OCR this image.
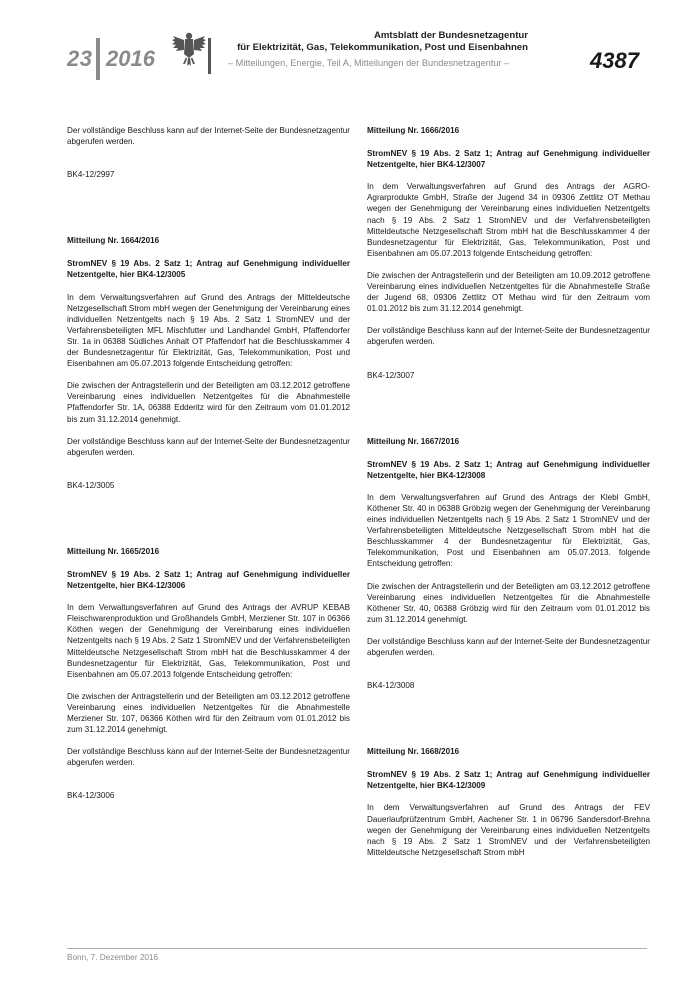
23 2016
Amtsblatt der Bundesnetzagentur
für Elektrizität, Gas, Telekommunikation, Post und Eisenbahnen
– Mitteilungen, Energie, Teil A, Mitteilungen der Bundesnetzagentur –	4387

Der vollständige Beschluss kann auf der Internet-Seite der Bundesnetzagentur abgerufen werden.

BK4-12/2997

Mitteilung Nr. 1664/2016

StromNEV § 19 Abs. 2 Satz 1; Antrag auf Genehmigung individueller Netzentgelte, hier BK4-12/3005

In dem Verwaltungsverfahren auf Grund des Antrags der Mitteldeutsche Netzgesellschaft Strom mbH wegen der Genehmigung der Vereinbarung eines individuellen Netzentgelts nach § 19 Abs. 2 Satz 1 StromNEV und der Verfahrensbeteiligten MFL Mischfutter und Landhandel GmbH, Pfaffendorfer Str. 1a in 06388 Südliches Anhalt OT Pfaffendorf hat die Beschlusskammer 4 der Bundesnetzagentur für Elektrizität, Gas, Telekommunikation, Post und Eisenbahnen am 05.07.2013 folgende Entscheidung getroffen:

Die zwischen der Antragstellerin und der Beteiligten am 03.12.2012 getroffene Vereinbarung eines individuellen Netzentgeltes für die Abnahmestelle Pfaffendorfer Str. 1A, 06388 Edderitz wird für den Zeitraum vom 01.01.2012 bis zum 31.12.2014 genehmigt.

Der vollständige Beschluss kann auf der Internet-Seite der Bundesnetzagentur abgerufen werden.

BK4-12/3005

Mitteilung Nr. 1665/2016

StromNEV § 19 Abs. 2 Satz 1; Antrag auf Genehmigung individueller Netzentgelte, hier BK4-12/3006

In dem Verwaltungsverfahren auf Grund des Antrags der AVRUP KEBAB Fleischwarenproduktion und Großhandels GmbH, Merziener Str. 107 in 06366 Köthen wegen der Genehmigung der Vereinbarung eines individuellen Netzentgelts nach § 19 Abs. 2 Satz 1 StromNEV und der Verfahrensbeteiligten Mitteldeutsche Netzgesellschaft Strom mbH hat die Beschlusskammer 4 der Bundesnetzagentur für Elektrizität, Gas, Telekommunikation, Post und Eisenbahnen am 05.07.2013 folgende Entscheidung getroffen:

Die zwischen der Antragstellerin und der Beteiligten am 03.12.2012 getroffene Vereinbarung eines individuellen Netzentgeltes für die Abnahmestelle Merziener Str. 107, 06366 Köthen wird für den Zeitraum vom 01.01.2012 bis zum 31.12.2014 genehmigt.

Der vollständige Beschluss kann auf der Internet-Seite der Bundesnetzagentur abgerufen werden.

BK4-12/3006

Mitteilung Nr. 1666/2016

StromNEV § 19 Abs. 2 Satz 1; Antrag auf Genehmigung individueller Netzentgelte, hier BK4-12/3007

In dem Verwaltungsverfahren auf Grund des Antrags der AGRO-Agrarprodukte GmbH, Straße der Jugend 34 in 09306 Zettlitz OT Methau wegen der Genehmigung der Vereinbarung eines individuellen Netzentgelts nach § 19 Abs. 2 Satz 1 StromNEV und der Verfahrensbeteiligten Mitteldeutsche Netzgesellschaft Strom mbH hat die Beschlusskammer 4 der Bundesnetzagentur für Elektrizität, Gas, Telekommunikation, Post und Eisenbahnen am 05.07.2013 folgende Entscheidung getroffen:

Die zwischen der Antragstellerin und der Beteiligten am 10.09.2012 getroffene Vereinbarung eines individuellen Netzentgeltes für die Abnahmestelle Straße der Jugend 68, 09306 Zettlitz OT Methau wird für den Zeitraum vom 01.01.2012 bis zum 31.12.2014 genehmigt.

Der vollständige Beschluss kann auf der Internet-Seite der Bundesnetzagentur abgerufen werden.

BK4-12/3007

Mitteilung Nr. 1667/2016

StromNEV § 19 Abs. 2 Satz 1; Antrag auf Genehmigung individueller Netzentgelte, hier BK4-12/3008

In dem Verwaltungsverfahren auf Grund des Antrags der Klebl GmbH, Köthener Str. 40 in 06388 Gröbzig wegen der Genehmigung der Vereinbarung eines individuellen Netzentgelts nach § 19 Abs. 2 Satz 1 StromNEV und der Verfahrensbeteiligten Mitteldeutsche Netzgesellschaft Strom mbH hat die Beschlusskammer 4 der Bundesnetzagentur für Elektrizität, Gas, Telekommunikation, Post und Eisenbahnen am 05.07.2013. folgende Entscheidung getroffen:

Die zwischen der Antragstellerin und der Beteiligten am 03.12.2012 getroffene Vereinbarung eines individuellen Netzentgeltes für die Abnahmestelle Köthener Str. 40, 06388 Gröbzig wird für den Zeitraum vom 01.01.2012 bis zum 31.12.2014 genehmigt.

Der vollständige Beschluss kann auf der Internet-Seite der Bundesnetzagentur abgerufen werden.

BK4-12/3008

Mitteilung Nr. 1668/2016

StromNEV § 19 Abs. 2 Satz 1; Antrag auf Genehmigung individueller Netzentgelte, hier BK4-12/3009

In dem Verwaltungsverfahren auf Grund des Antrags der FEV Dauerlaufprüfzentrum GmbH, Aachener Str. 1 in 06796 Sandersdorf-Brehna wegen der Genehmigung der Vereinbarung eines individuellen Netzentgelts nach § 19 Abs. 2 Satz 1 StromNEV und der Verfahrensbeteiligten Mitteldeutsche Netzgesellschaft Strom mbH

Bonn, 7. Dezember 2016
